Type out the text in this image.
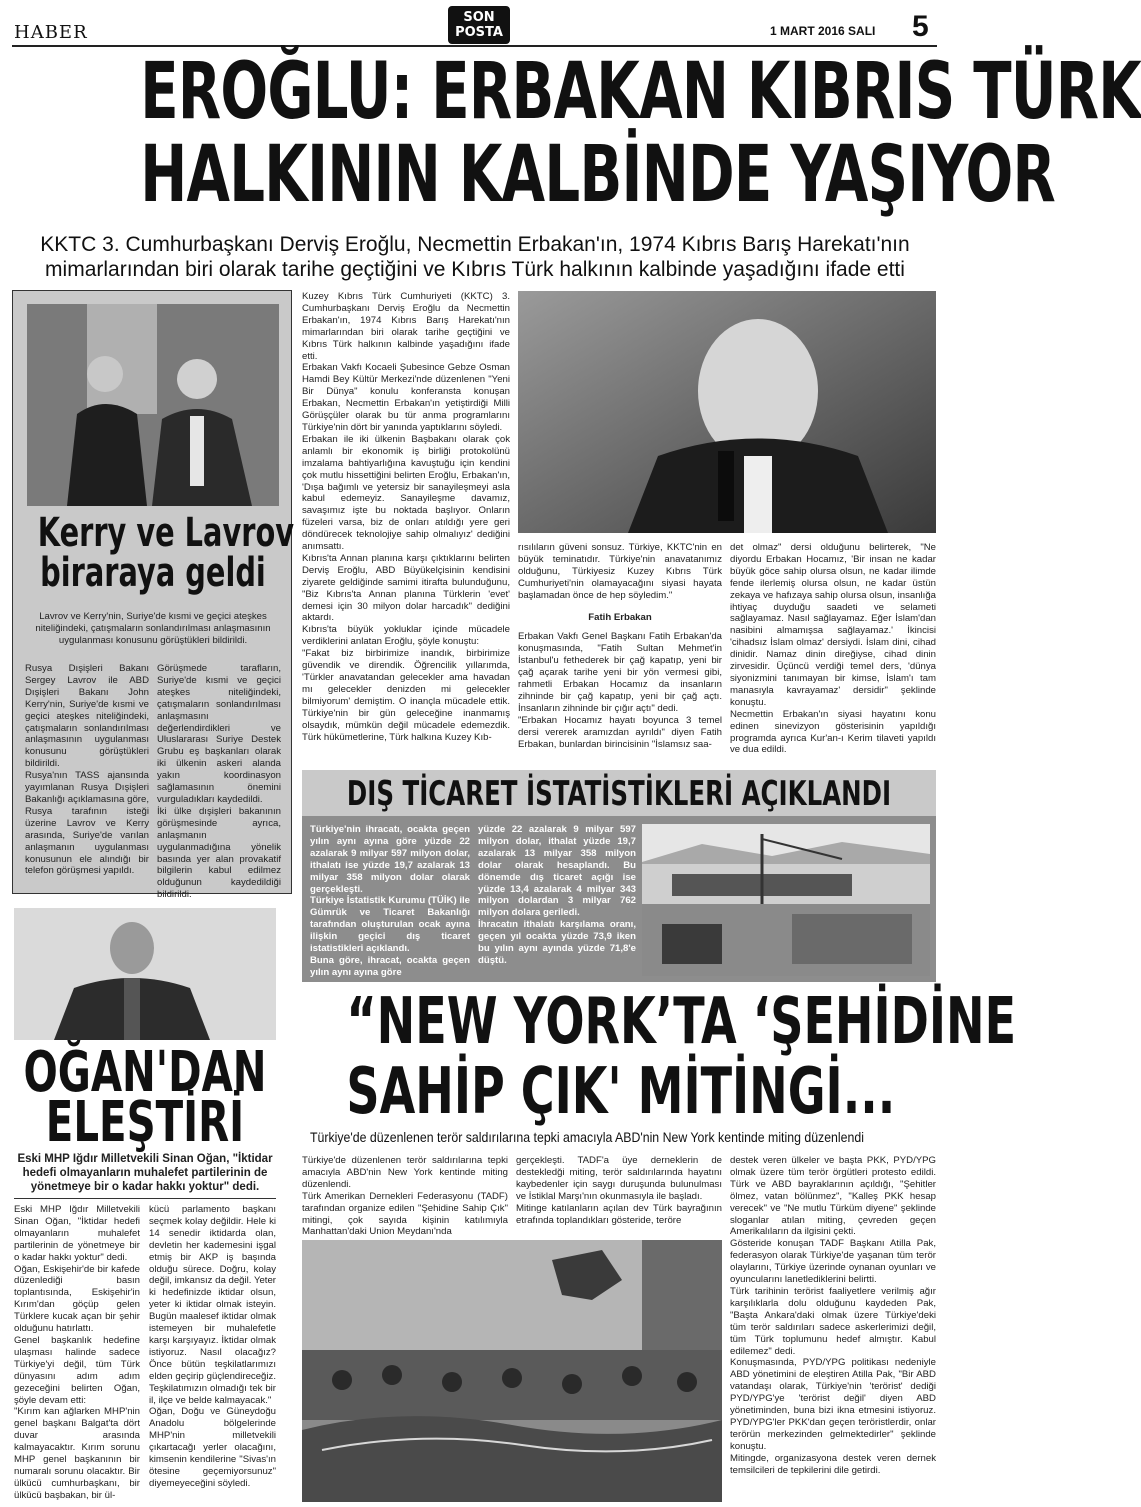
HABER
SON
POSTA	1 MART 2016 SALI 5
EROĞLU: ERBAKAN KIBRIS TÜRK
HALKININ KALBİNDE YAŞIYOR
KKTC 3. Cumhurbaşkanı Derviş Eroğlu, Necmettin Erbakan'ın, 1974 Kıbrıs Barış Harekatı'nın
mimarlarından biri olarak tarihe geçtiğini ve Kıbrıs Türk halkının kalbinde yaşadığını ifade etti
Kerry ve Lavrov
biraraya geldi
Lavrov ve Kerry'nin, Suriye'de kısmi ve geçici ateşkes niteliğindeki, çatışmaların sonlandırılması anlaşmasının uygulanması konusunu görüştükleri bildirildi.
Rusya Dışişleri Bakanı Sergey Lavrov ile ABD Dışişleri Bakanı John Kerry'nin, Suriye'de kısmi ve geçici ateşkes niteliğindeki, çatışmaların sonlandırılması anlaşmasının uygulanması konusunu görüştükleri bildirildi.
Rusya'nın TASS ajansında yayımlanan Rusya Dışişleri Bakanlığı açıklamasına göre, Rusya tarafının isteği üzerine Lavrov ve Kerry arasında, Suriye'de varılan anlaşmanın uygulanması konusunun ele alındığı bir telefon görüşmesi yapıldı.
Görüşmede tarafların, Suriye'de kısmi ve geçici ateşkes niteliğindeki, çatışmaların sonlandırılması anlaşmasını değerlendirdikleri ve Uluslararası Suriye Destek Grubu eş başkanları olarak iki ülkenin askeri alanda yakın koordinasyon sağlamasının önemini vurguladıkları kaydedildi.
İki ülke dışişleri bakanının görüşmesinde ayrıca, anlaşmanın uygulanmadığına yönelik basında yer alan provakatif bilgilerin kabul edilmez olduğunun kaydedildiği bildirildi.
Kuzey Kıbrıs Türk Cumhuriyeti (KKTC) 3. Cumhurbaşkanı Derviş Eroğlu da Necmettin Erbakan'ın, 1974 Kıbrıs Barış Harekatı'nın mimarlarından biri olarak tarihe geçtiğini ve Kıbrıs Türk halkının kalbinde yaşadığını ifade etti.
Erbakan Vakfı Kocaeli Şubesince Gebze Osman Hamdi Bey Kültür Merkezi'nde düzenlenen "Yeni Bir Dünya" konulu konferansta konuşan Erbakan, Necmettin Erbakan'ın yetiştirdiği Milli Görüşçüler olarak bu tür anma programlarını Türkiye'nin dört bir yanında yaptıklarını söyledi.
Erbakan ile iki ülkenin Başbakanı olarak çok anlamlı bir ekonomik iş birliği protokolünü imzalama bahtiyarlığına kavuştuğu için kendini çok mutlu hissettiğini belirten Eroğlu, Erbakan'ın, 'Dışa bağımlı ve yetersiz bir sanayileşmeyi asla kabul edemeyiz. Sanayileşme davamız, savaşımız işte bu noktada başlıyor. Onların füzeleri varsa, biz de onları atıldığı yere geri döndürecek teknolojiye sahip olmalıyız' dediğini anımsattı.
Kıbrıs'ta Annan planına karşı çıktıklarını belirten Derviş Eroğlu, ABD Büyükelçisinin kendisini ziyarete geldiğinde samimi itirafta bulunduğunu, "Biz Kıbrıs'ta Annan planına Türklerin 'evet' demesi için 30 milyon dolar harcadık" dediğini aktardı.
Kıbrıs'ta büyük yokluklar içinde mücadele verdiklerini anlatan Eroğlu, şöyle konuştu:
"Fakat biz birbirimize inandık, birbirimize güvendik ve direndik. Öğrencilik yıllarımda, 'Türkler anavatandan gelecekler ama havadan mı gelecekler denizden mi gelecekler bilmiyorum' demiştim. O inançla mücadele ettik. Türkiye'nin bir gün geleceğine inanmamış olsaydık, mümkün değil mücadele edemezdik. Türk hükümetlerine, Türk halkına Kuzey Kıb-
rısılıların güveni sonsuz. Türkiye, KKTC'nin en büyük teminatıdır. Türkiye'nin anavatanımız olduğunu, Türkiyesiz Kuzey Kıbrıs Türk Cumhuriyeti'nin olamayacağını siyasi hayata başlamadan önce de hep söyledim."
Fatih Erbakan
Erbakan Vakfı Genel Başkanı Fatih Erbakan'da konuşmasında, "Fatih Sultan Mehmet'in İstanbul'u fethederek bir çağ kapatıp, yeni bir çağ açarak tarihe yeni bir yön vermesi gibi, rahmetli Erbakan Hocamız da insanların zihninde bir çağ kapatıp, yeni bir çağ açtı. İnsanların zihninde bir çığır açtı" dedi.
"Erbakan Hocamız hayatı boyunca 3 temel dersi vererek aramızdan ayrıldı" diyen Fatih Erbakan, bunlardan birincisinin "İslamsız saa-
det olmaz" dersi olduğunu belirterek, "Ne diyordu Erbakan Hocamız, 'Bir insan ne kadar büyük göce sahip olursa olsun, ne kadar ilimde fende ilerlemiş olursa olsun, ne kadar üstün zekaya ve hafızaya sahip olursa olsun, insanlığa ihtiyaç duyduğu saadeti ve selameti sağlayamaz. Nasıl sağlayamaz. Eğer İslam'dan nasibini almamışsa sağlayamaz.' İkincisi 'cihadsız İslam olmaz' dersiydi. İslam dini, cihad dinidir. Namaz dinin direğiyse, cihad dinin zirvesidir. Üçüncü verdiği temel ders, 'dünya siyonizmini tanımayan bir kimse, İslam'ı tam manasıyla kavrayamaz' dersidir" şeklinde konuştu.
Necmettin Erbakan'ın siyasi hayatını konu edinen sinevizyon gösterisinin yapıldığı programda ayrıca Kur'an-ı Kerim tilaveti yapıldı ve dua edildi.
DIŞ TİCARET İSTATİSTİKLERİ AÇIKLANDI
Türkiye'nin ihracatı, ocakta geçen yılın aynı ayına göre yüzde 22 azalarak 9 milyar 597 milyon dolar, ithalatı ise yüzde 19,7 azalarak 13 milyar 358 milyon dolar olarak gerçekleşti.
Türkiye İstatistik Kurumu (TÜİK) ile Gümrük ve Ticaret Bakanlığı tarafından oluşturulan ocak ayına ilişkin geçici dış ticaret istatistikleri açıklandı.
Buna göre, ihracat, ocakta geçen yılın aynı ayına göre
yüzde 22 azalarak 9 milyar 597 milyon dolar, ithalat yüzde 19,7 azalarak 13 milyar 358 milyon dolar olarak hesaplandı. Bu dönemde dış ticaret açığı ise yüzde 13,4 azalarak 4 milyar 343 milyon dolardan 3 milyar 762 milyon dolara geriledi.
İhracatın ithalatı karşılama oranı, geçen yıl ocakta yüzde 73,9 iken bu yılın aynı ayında yüzde 71,8'e düştü.
OĞAN'DAN
ELEŞTİRİ
Eski MHP Iğdır Milletvekili Sinan Oğan, "İktidar hedefi olmayanların muhalefet partilerinin de yönetmeye bir o kadar hakkı yoktur" dedi.
Eski MHP Iğdır Milletvekili Sinan Oğan, "İktidar hedefi olmayanların muhalefet partilerinin de yönetmeye bir o kadar hakkı yoktur" dedi.
Oğan, Eskişehir'de bir kafede düzenlediği basın toplantısında, Eskişehir'in Kırım'dan göçüp gelen Türklere kucak açan bir şehir olduğunu hatırlattı.
Genel başkanlık hedefine ulaşması halinde sadece Türkiye'yi değil, tüm Türk dünyasını adım adım gezeceğini belirten Oğan, şöyle devam etti:
"Kırım kan ağlarken MHP'nin genel başkanı Balgat'ta dört duvar arasında kalmayacaktır. Kırım sorunu MHP genel başkanının bir numaralı sorunu olacaktır. Bir ülkücü cumhurbaşkanı, bir ülkücü başbakan, bir ül-
kücü parlamento başkanı seçmek kolay değildir. Hele ki 14 senedir iktidarda olan, devletin her kademesini işgal etmiş bir AKP iş başında olduğu sürece. Doğru, kolay değil, imkansız da değil. Yeter ki hedefinizde iktidar olsun, yeter ki iktidar olmak isteyin. Bugün maalesef iktidar olmak istemeyen bir muhalefetle karşı karşıyayız. İktidar olmak istiyoruz. Nasıl olacağız? Önce bütün teşkilatlarımızı elden geçirip güçlendireceğiz. Teşkilatımızın olmadığı tek bir il, ilçe ve belde kalmayacak."
Oğan, Doğu ve Güneydoğu Anadolu bölgelerinde MHP'nin milletvekili çıkartacağı yerler olacağını, kimsenin kendilerine "Sivas'ın ötesine geçemiyorsunuz" diyemeyeceğini söyledi.
“NEW YORK’TA ‘ŞEHİDİNE
SAHİP ÇIK' MİTİNGİ...
Türkiye'de düzenlenen terör saldırılarına tepki amacıyla ABD'nin New York kentinde miting düzenlendi
Türkiye'de düzenlenen terör saldırılarına tepki amacıyla ABD'nin New York kentinde miting düzenlendi.
Türk Amerikan Dernekleri Federasyonu (TADF) tarafından organize edilen "Şehidine Sahip Çık" mitingi, çok sayıda kişinin katılımıyla Manhattan'daki Union Meydanı'nda
gerçekleşti. TADF'a üye derneklerin de destekledği miting, terör saldırılarında hayatını kaybedenler için saygı duruşunda bulunulması ve İstiklal Marşı'nın okunmasıyla ile başladı.
Mitinge katılanların açılan dev Türk bayrağının etrafında toplandıkları gösteride, teröre
destek veren ülkeler ve başta PKK, PYD/YPG olmak üzere tüm terör örgütleri protesto edildi. Türk ve ABD bayraklarının açıldığı, "Şehitler ölmez, vatan bölünmez", "Kalleş PKK hesap verecek" ve "Ne mutlu Türküm diyene" şeklinde sloganlar atılan miting, çevreden geçen Amerikalıların da ilgisini çekti.
Gösteride konuşan TADF Başkanı Atilla Pak, federasyon olarak Türkiye'de yaşanan tüm terör olaylarını, Türkiye üzerinde oynanan oyunları ve oyuncularını lanetlediklerini belirtti.
Türk tarihinin terörist faaliyetlere verilmiş ağır karşılıklarla dolu olduğunu kaydeden Pak, "Başta Ankara'daki olmak üzere Türkiye'deki tüm terör saldırıları sadece askerlerimizi değil, tüm Türk toplumunu hedef almıştır. Kabul edilemez" dedi.
Konuşmasında, PYD/YPG politikası nedeniyle ABD yönetimini de eleştiren Atilla Pak, "Bir ABD vatandaşı olarak, Türkiye'nin 'terörist' dediği PYD/YPG'ye 'terörist değil' diyen ABD yönetiminden, buna bizi ikna etmesini istiyoruz. PYD/YPG'ler PKK'dan geçen teröristlerdir, onlar terörün merkezinden gelmektedirler" şeklinde konuştu.
Mitingde, organizasyona destek veren dernek temsilcileri de tepkilerini dile getirdi.
